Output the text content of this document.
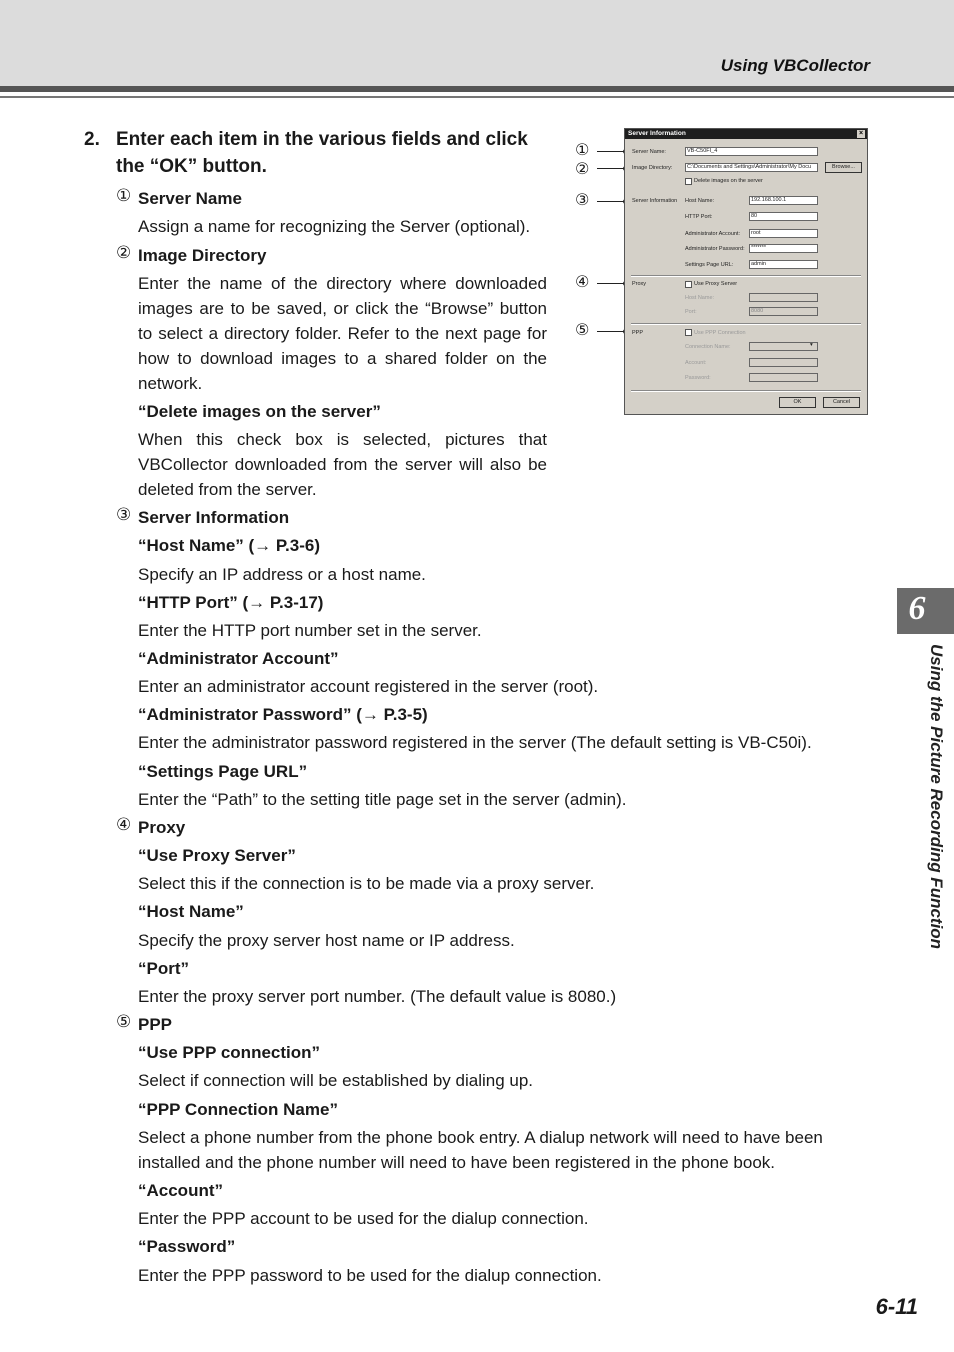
Using VBCollector
2. Enter each item in the various fields and click the “OK” button.
① Server Name
Assign a name for recognizing the Server (optional).
② Image Directory
Enter the name of the directory where downloaded images are to be saved, or click the “Browse” button to select a directory folder. Refer to the next page for how to download images to a shared folder on the network.
“Delete images on the server”
When this check box is selected, pictures that VBCollector downloaded from the server will also be deleted from the server.
③ Server Information
“Host Name” (→ P.3-6)
Specify an IP address or a host name.
“HTTP Port” (→ P.3-17)
Enter the HTTP port number set in the server.
“Administrator Account”
Enter an administrator account registered in the server (root).
“Administrator Password” (→ P.3-5)
Enter the administrator password registered in the server (The default setting is VB-C50i).
“Settings Page URL”
Enter the “Path” to the setting title page set in the server (admin).
④ Proxy
“Use Proxy Server”
Select this if the connection is to be made via a proxy server.
“Host Name”
Specify the proxy server host name or IP address.
“Port”
Enter the proxy server port number. (The default value is 8080.)
⑤ PPP
“Use PPP connection”
Select if connection will be established by dialing up.
“PPP Connection Name”
Select a phone number from the phone book entry. A dialup network will need to have been installed and the phone number will need to have been registered in the phone book.
“Account”
Enter the PPP account to be used for the dialup connection.
“Password”
Enter the PPP password to be used for the dialup connection.
①
②
③
④
⑤
Server Information	×
Server Name:	VB-C50FI_4
Image Directory:	C:\Documents and Settings\Administrator\My Docu	Browse...
Delete images on the server
Server Information Host Name:	192.168.100.1
HTTP Port:	80
Administrator Account:	root
Administrator Password:	*******
Settings Page URL:	admin
Proxy	Use Proxy Server
Host Name:
Port:	8080
PPP	Use PPP Connection
Connection Name:	▾
Account:
Password:
OK	Cancel
6
Using the Picture Recording Function
6-11
